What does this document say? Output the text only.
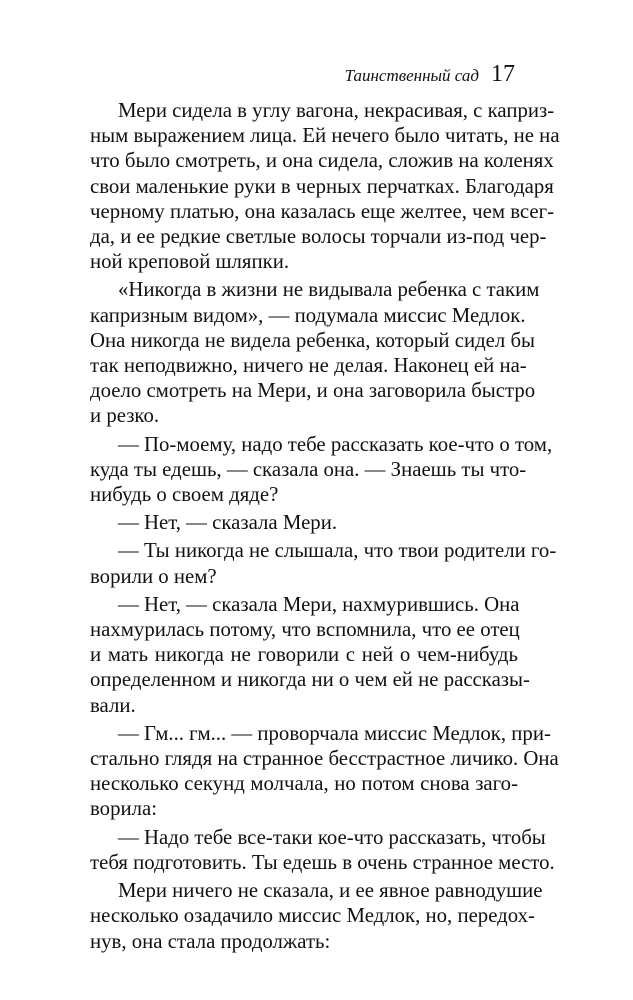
Таинственный сад 17

Мери сидела в углу вагона, некрасивая, с каприз-
ным выражением лица. Ей нечего было читать, не на
что было смотреть, и она сидела, сложив на коленях
свои маленькие руки в черных перчатках. Благодаря
черному платью, она казалась еще желтее, чем всег-
да, и ее редкие светлые волосы торчали из-под чер-
ной креповой шляпки.

«Никогда в жизни не видывала ребенка с таким
капризным видом», — подумала миссис Медлок.
Она никогда не видела ребенка, который сидел бы
так неподвижно, ничего не делая. Наконец ей на-
доело смотреть на Мери, и она заговорила быстро
и резко.

— По-моему, надо тебе рассказать кое-что о том,
куда ты едешь, — сказала она. — Знаешь ты что-
нибудь о своем дяде?

— Нет, — сказала Мери.

— Ты никогда не слышала, что твои родители го-
ворили о нем?

— Нет, — сказала Мери, нахмурившись. Она
нахмурилась потому, что вспомнила, что ее отец
и мать никогда не говорили с ней о чем-нибудь
определенном и никогда ни о чем ей не рассказы-
вали.

— Гм... гм... — проворчала миссис Медлок, при-
стально глядя на странное бесстрастное личико. Она
несколько секунд молчала, но потом снова заго-
ворила:

— Надо тебе все-таки кое-что рассказать, чтобы
тебя подготовить. Ты едешь в очень странное место.

Мери ничего не сказала, и ее явное равнодушие
несколько озадачило миссис Медлок, но, передох-
нув, она стала продолжать:
